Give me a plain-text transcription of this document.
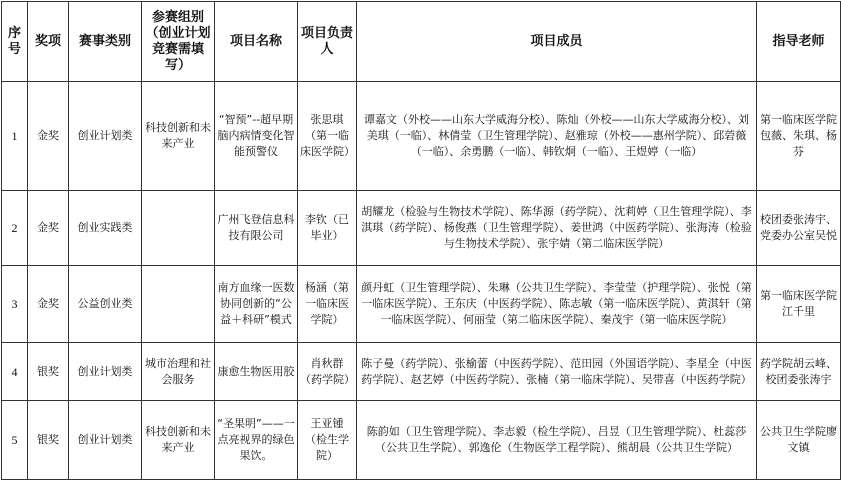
序号	奖项	赛事类别	参赛组别（创业计划竞赛需填写）	项目名称	项目负责人	项目成员	指导老师
1	金奖	创业计划类	科技创新和未来产业	“智预”--超早期脑内病情变化智能预警仪	张思琪（第一临床医学院）	谭嘉文（外校——山东大学威海分校）、陈灿（外校——山东大学威海分校）、刘美琪（一临）、林倩莹（卫生管理学院）、赵雅琼（外校——惠州学院）、邱菪薇（一临）、余勇鹏（一临）、韩钦炯（一临）、王煜婷（一临）	第一临床医学院包薇、朱琪、杨芬
2	金奖	创业实践类		广州飞登信息科技有限公司	李钦（已毕业）	胡耀龙（检验与生物技术学院）、陈华源（药学院）、沈莉婷（卫生管理学院）、李淇琪（药学院）、杨俊燕（卫生管理学院）、姜世鸿（中医药学院）、张海涛（检验与生物技术学院）、张宇婧（第二临床医学院）	校团委张涛宇、党委办公室吴悦
3	金奖	公益创业类		南方血缘一医数协同创新的“公益＋科研”模式	杨涵（第一临床医学院）	颜丹虹（卫生管理学院）、朱琳（公共卫生学院）、李莹莹（护理学院）、张悦（第一临床医学院）、王东庆（中医药学院）、陈志敏（第一临床医学院）、黄淇轩（第一临床医学院）、何丽莹（第二临床医学院）、秦茂宇（第一临床医学院）	第一临床医学院江千里
4	银奖	创业计划类	城市治理和社会服务	康愈生物医用胶	肖秋群（药学院）	陈子曼（药学院）、张榆蕾（中医药学院）、范田园（外国语学院）、李星全（中医药学院）、赵艺婷（中医药学院）、张楠（第一临床学院）、吴带喜（中医药学院）	药学院胡云峰、校团委张涛宇
5	银奖	创业计划类	科技创新和未来产业	“圣果明”——一点亮视界的绿色果饮。	王亚锺（检生学院）	陈韵如（卫生管理学院）、李志毅（检生学院）、吕昱（卫生管理学院）、杜蕊莎（公共卫生学院）、郭逸伦（生物医学工程学院）、熊胡晨（公共卫生学院）	公共卫生学院廖文镇
